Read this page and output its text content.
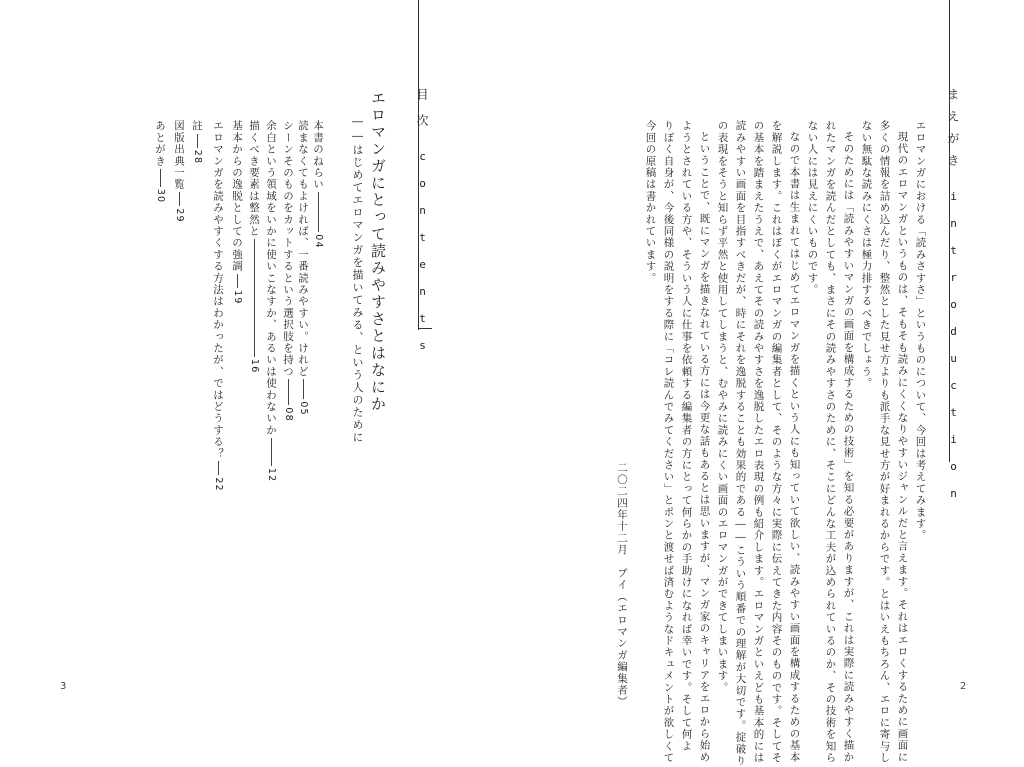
目次contents
エロマンガにとって読みやすさとはなにか
――はじめてエロマンガを描いてみる、という人のために
本書のねらい04
読まなくてもよければ、一番読みやすい。けれど05
シーンそのものをカットするという選択肢を持つ08
余白という領域をいかに使いこなすか、あるいは使わないか12
描くべき要素は整然と16
基本からの逸脱としての強調19
エロマンガを読みやすくする方法はわかったが、ではどうする？22
註28
図版出典一覧29
あとがき30
3
まえがきintroduction
エロマンガにおける「読みさすさ」というものについて、今回は考えてみます。
現代のエロマンガというものは、そもそも読みにくくなりやすいジャンルだと言えます。それはエロくするために画面に
多くの情報を詰め込んだり、整然とした見せ方よりも派手な見せ方が好まれるからです。とはいえもちろん、エロに寄与し
ない無駄な読みにくさは極力排するべきでしょう。
そのためには「読みやすいマンガの画面を構成するための技術」を知る必要がありますが、これは実際に読みやすく描か
れたマンガを読んだとしても、まさにその読みやすさのために、そこにどんな工夫が込められているのか、その技術を知ら
ない人には見えにくいものです。
なので本書は生まれてはじめてエロマンガを描くという人にも知っていて欲しい、読みやすい画面を構成するための基本
を解説します。これはぼくがエロマンガの編集者として、そのような方々に実際に伝えてきた内容そのものです。そしてそ
の基本を踏まえたうえで、あえてその読みやすさを逸脱したエロ表現の例も紹介します。エロマンガといえども基本的には
読みやすい画面を目指すべきだが、時にそれを逸脱することも効果的である――こういう順番での理解が大切です。掟破り
の表現をそうと知らず平然と使用してしまうと、むやみに読みにくい画面のエロマンガができてしまいます。
ということで、既にマンガを描きなれている方には今更な話もあるとは思いますが、マンガ家のキャリアをエロから始め
ようとされている方や、そういう人に仕事を依頼する編集者の方にとって何らかの手助けになれば幸いです。そして何よ
りぼく自身が、今後同様の説明をする際に「コレ読んでみてください」とポンと渡せば済むようなドキュメントが欲しくて
今回の原稿は書かれています。
二〇二四年十二月　ブイ（エロマンガ編集者）	2
